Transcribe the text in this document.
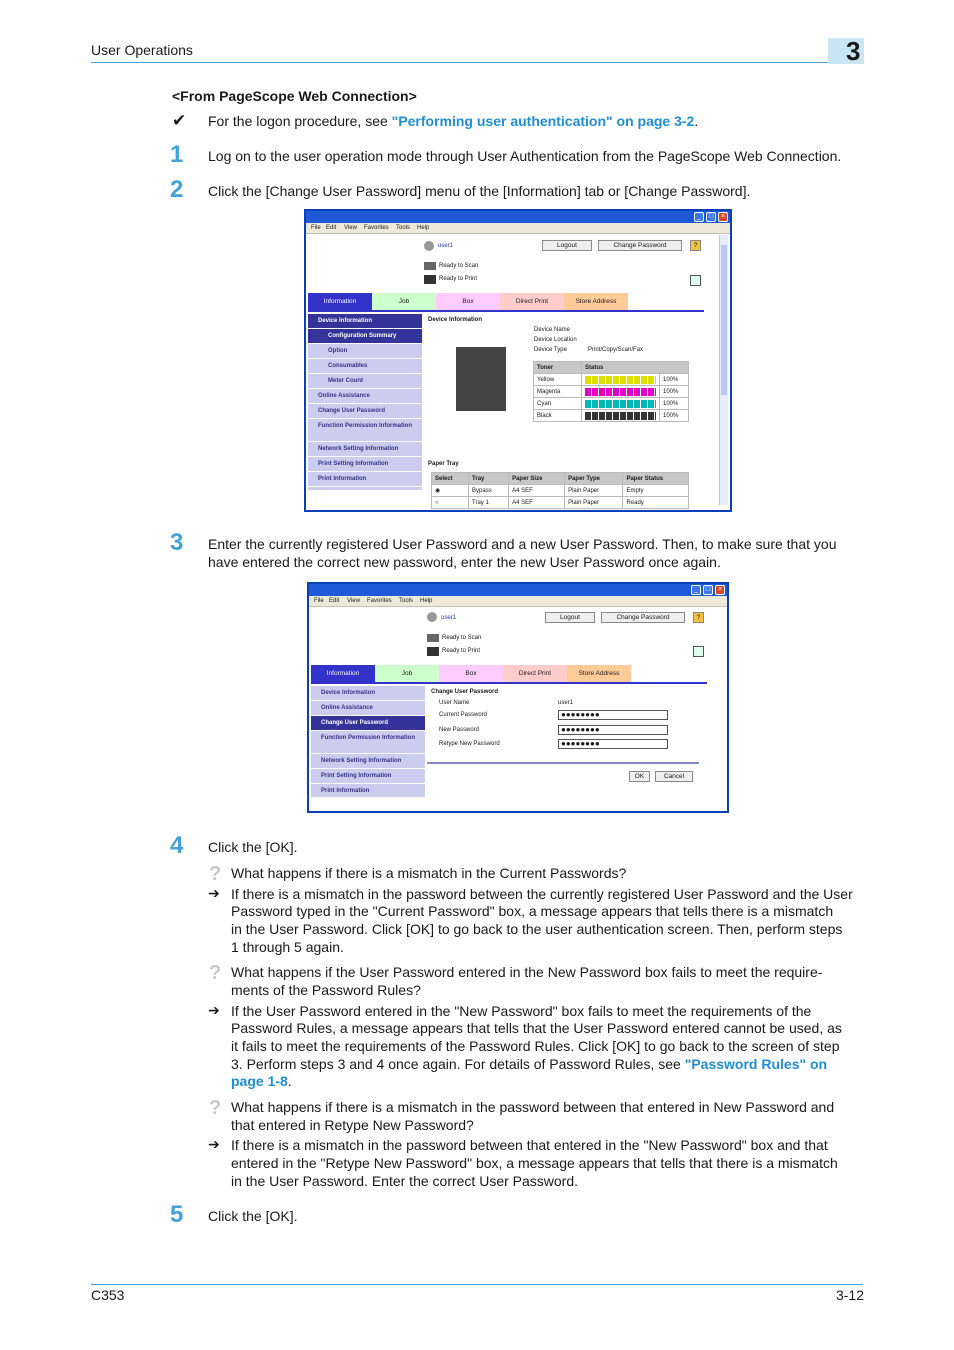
User Operations	3
<From PageScope Web Connection>
✔ For the logon procedure, see "Performing user authentication" on page 3-2.
1 Log on to the user operation mode through User Authentication from the PageScope Web Connection.
2 Click the [Change User Password] menu of the [Information] tab or [Change Password].
_	□	×
File Edit View Favorites Tools Help
user1	Logout	Change Password	?
Ready to Scan
Ready to Print
Information	Job	Box	Direct Print	Store Address
Device Information
Configuration Summary
Option
Consumables
Meter Count
Online Assistance
Change User Password
Function Permission Information
Network Setting Information
Print Setting Information
Print Information
Device Information
Device Name
Device Location
Device Type	Print/Copy/Scan/Fax
Toner	Status	
Yellow		100%
Magenta		100%
Cyan		100%
Black		100%
Paper Tray
Select	Tray	Paper Size	Paper Type	Paper Status
◉	Bypass	A4 SEF	Plain Paper	Empty
○	Tray 1	A4 SEF	Plain Paper	Ready
3 Enter the currently registered User Password and a new User Password. Then, to make sure that you
have entered the correct new password, enter the new User Password once again.
_	□	×
File Edit View Favorites Tools Help
user1	Logout	Change Password	?
Ready to Scan
Ready to Print
Information	Job	Box	Direct Print	Store Address
Device Information
Online Assistance
Change User Password
Function Permission Information
Network Setting Information
Print Setting Information
Print Information
Change User Password
User Name	user1
Current Password	●●●●●●●●
New Password	●●●●●●●●
Retype New Password	●●●●●●●●
OK	Cancel
4 Click the [OK].
? What happens if there is a mismatch in the Current Passwords?
➔ If there is a mismatch in the password between the currently registered User Password and the User
Password typed in the "Current Password" box, a message appears that tells there is a mismatch
in the User Password. Click [OK] to go back to the user authentication screen. Then, perform steps
1 through 5 again.
? What happens if the User Password entered in the New Password box fails to meet the require-
ments of the Password Rules?
➔ If the User Password entered in the "New Password" box fails to meet the requirements of the
Password Rules, a message appears that tells that the User Password entered cannot be used, as
it fails to meet the requirements of the Password Rules. Click [OK] to go back to the screen of step
3. Perform steps 3 and 4 once again. For details of Password Rules, see "Password Rules" on
page 1-8.
? What happens if there is a mismatch in the password between that entered in New Password and
that entered in Retype New Password?
➔ If there is a mismatch in the password between that entered in the "New Password" box and that
entered in the "Retype New Password" box, a message appears that tells that there is a mismatch
in the User Password. Enter the correct User Password.
5 Click the [OK].
C353	3-12
